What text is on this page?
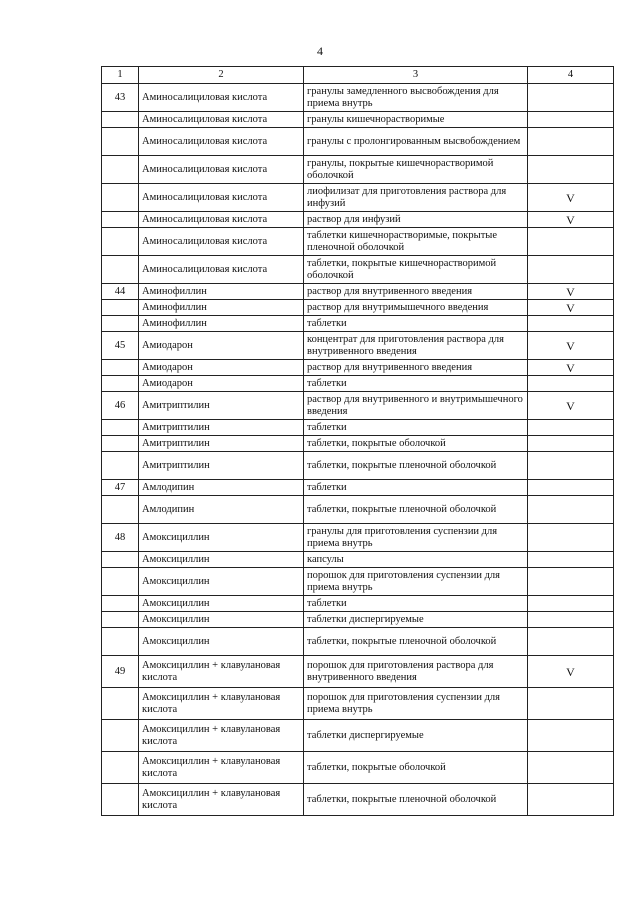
4
1	2	3	4
43	Аминосалициловая кислота	гранулы замедленного высвобождения для приема внутрь	
	Аминосалициловая кислота	гранулы кишечнорастворимые	
	Аминосалициловая кислота	гранулы с пролонгированным высвобождением	
	Аминосалициловая кислота	гранулы, покрытые кишечнорастворимой оболочкой	
	Аминосалициловая кислота	лиофилизат для приготовления раствора для инфузий	V
	Аминосалициловая кислота	раствор для инфузий	V
	Аминосалициловая кислота	таблетки кишечнорастворимые, покрытые пленочной оболочкой	
	Аминосалициловая кислота	таблетки, покрытые кишечнорастворимой оболочкой	
44	Аминофиллин	раствор для внутривенного введения	V
	Аминофиллин	раствор для внутримышечного введения	V
	Аминофиллин	таблетки	
45	Амиодарон	концентрат для приготовления раствора для внутривенного введения	V
	Амиодарон	раствор для внутривенного введения	V
	Амиодарон	таблетки	
46	Амитриптилин	раствор для внутривенного и внутримышечного введения	V
	Амитриптилин	таблетки	
	Амитриптилин	таблетки, покрытые оболочкой	
	Амитриптилин	таблетки, покрытые пленочной оболочкой	
47	Амлодипин	таблетки	
	Амлодипин	таблетки, покрытые пленочной оболочкой	
48	Амоксициллин	гранулы для приготовления суспензии для приема внутрь	
	Амоксициллин	капсулы	
	Амоксициллин	порошок для приготовления суспензии для приема внутрь	
	Амоксициллин	таблетки	
	Амоксициллин	таблетки диспергируемые	
	Амоксициллин	таблетки, покрытые пленочной оболочкой	
49	Амоксициллин + клавулановая кислота	порошок для приготовления раствора для внутривенного введения	V
	Амоксициллин + клавулановая кислота	порошок для приготовления суспензии для приема внутрь	
	Амоксициллин + клавулановая кислота	таблетки диспергируемые	
	Амоксициллин + клавулановая кислота	таблетки, покрытые оболочкой	
	Амоксициллин + клавулановая кислота	таблетки, покрытые пленочной оболочкой	
